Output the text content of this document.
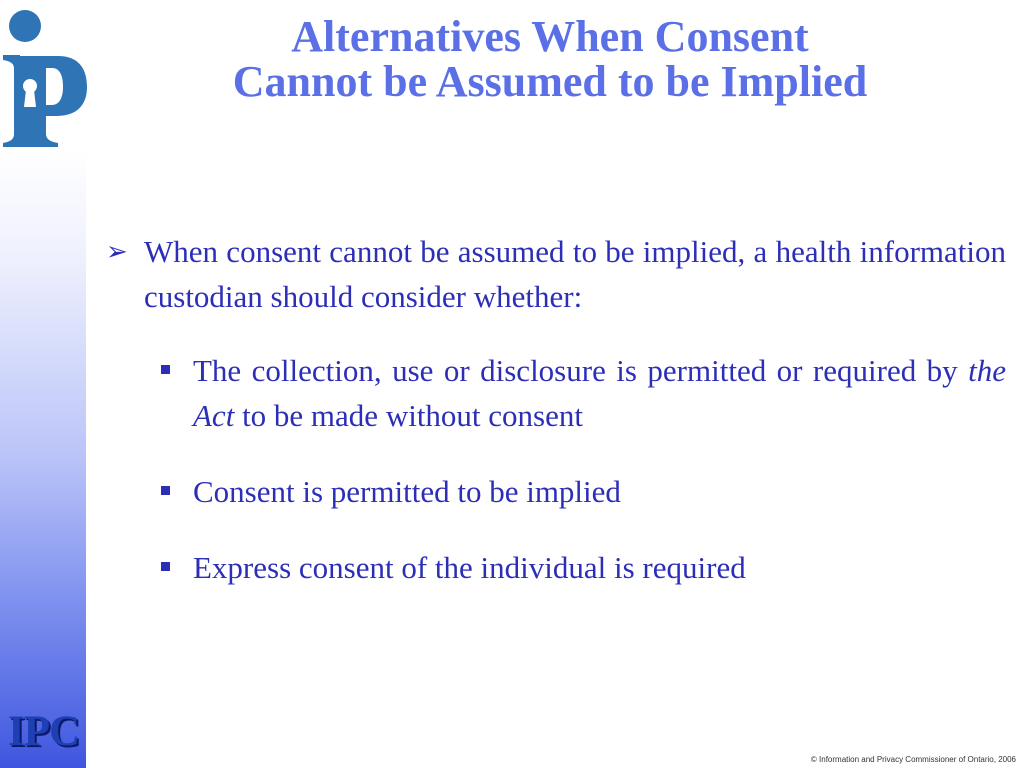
Alternatives When Consent
Cannot be Assumed to be Implied
➢ When consent cannot be assumed to be implied, a health information custodian should consider whether:
The collection, use or disclosure is permitted or required by the Act to be made without consent
Consent is permitted to be implied
Express consent of the individual is required
IPC
© Information and Privacy Commissioner of Ontario, 2006
